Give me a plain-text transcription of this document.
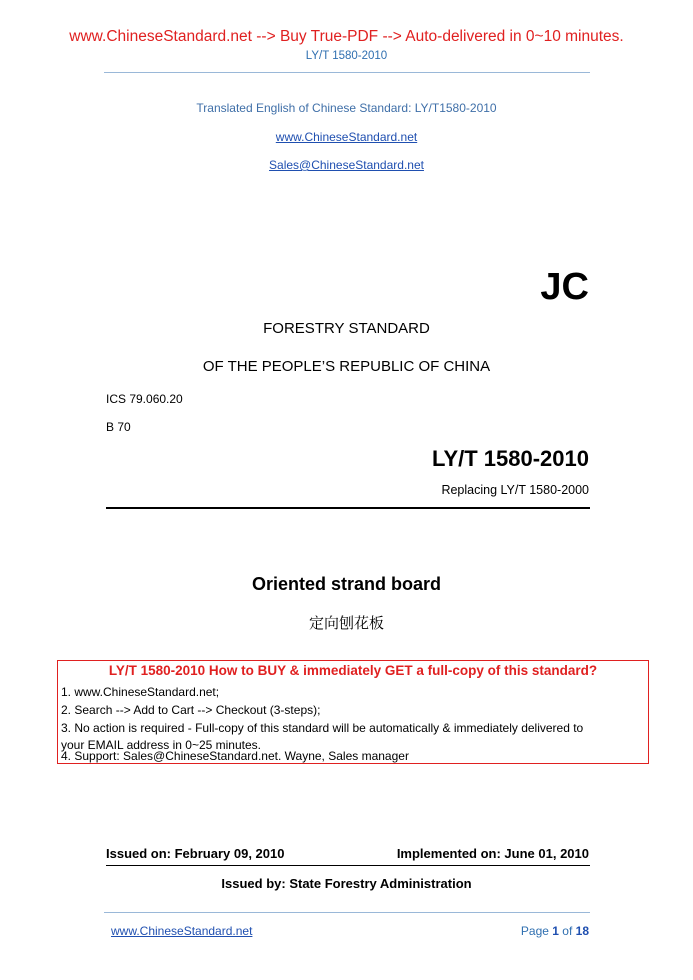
www.ChineseStandard.net --> Buy True-PDF --> Auto-delivered in 0~10 minutes.
LY/T 1580-2010
Translated English of Chinese Standard: LY/T1580-2010
www.ChineseStandard.net
Sales@ChineseStandard.net
JC
FORESTRY STANDARD
OF THE PEOPLE’S REPUBLIC OF CHINA
ICS 79.060.20
B 70
LY/T 1580-2010
Replacing LY/T 1580-2000
Oriented strand board
定向刨花板
LY/T 1580-2010 How to BUY & immediately GET a full-copy of this standard?
1. www.ChineseStandard.net;
2. Search --> Add to Cart --> Checkout (3-steps);
3. No action is required - Full-copy of this standard will be automatically & immediately delivered to
your EMAIL address in 0~25 minutes.
4. Support: Sales@ChineseStandard.net. Wayne, Sales manager
Issued on: February 09, 2010	Implemented on: June 01, 2010
Issued by: State Forestry Administration
www.ChineseStandard.net	Page 1 of 18
